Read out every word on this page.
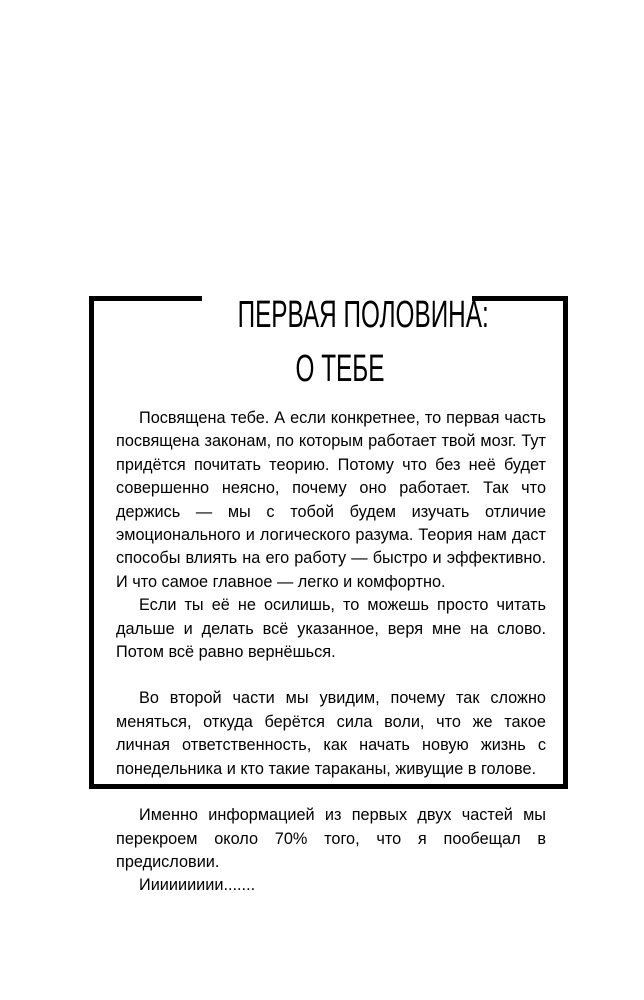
ПЕРВАЯ ПОЛОВИНА:
О ТЕБЕ

Посвящена тебе. А если конкретнее, то первая часть посвящена законам, по которым работает твой мозг. Тут придётся почитать теорию. Потому что без неё будет совершенно неясно, почему оно работает. Так что держись — мы с тобой будем изучать отличие эмоционального и логического разума. Теория нам даст способы влиять на его работу — быстро и эффективно. И что самое главное — легко и комфортно.

Если ты её не осилишь, то можешь просто читать дальше и делать всё указанное, веря мне на слово. Потом всё равно вернёшься.

Во второй части мы увидим, почему так сложно меняться, откуда берётся сила воли, что же такое личная ответственность, как начать новую жизнь с понедельника и кто такие тараканы, живущие в голове.

Именно информацией из первых двух частей мы перекроем около 70% того, что я пообещал в предисловии.

Иииииииии.......
